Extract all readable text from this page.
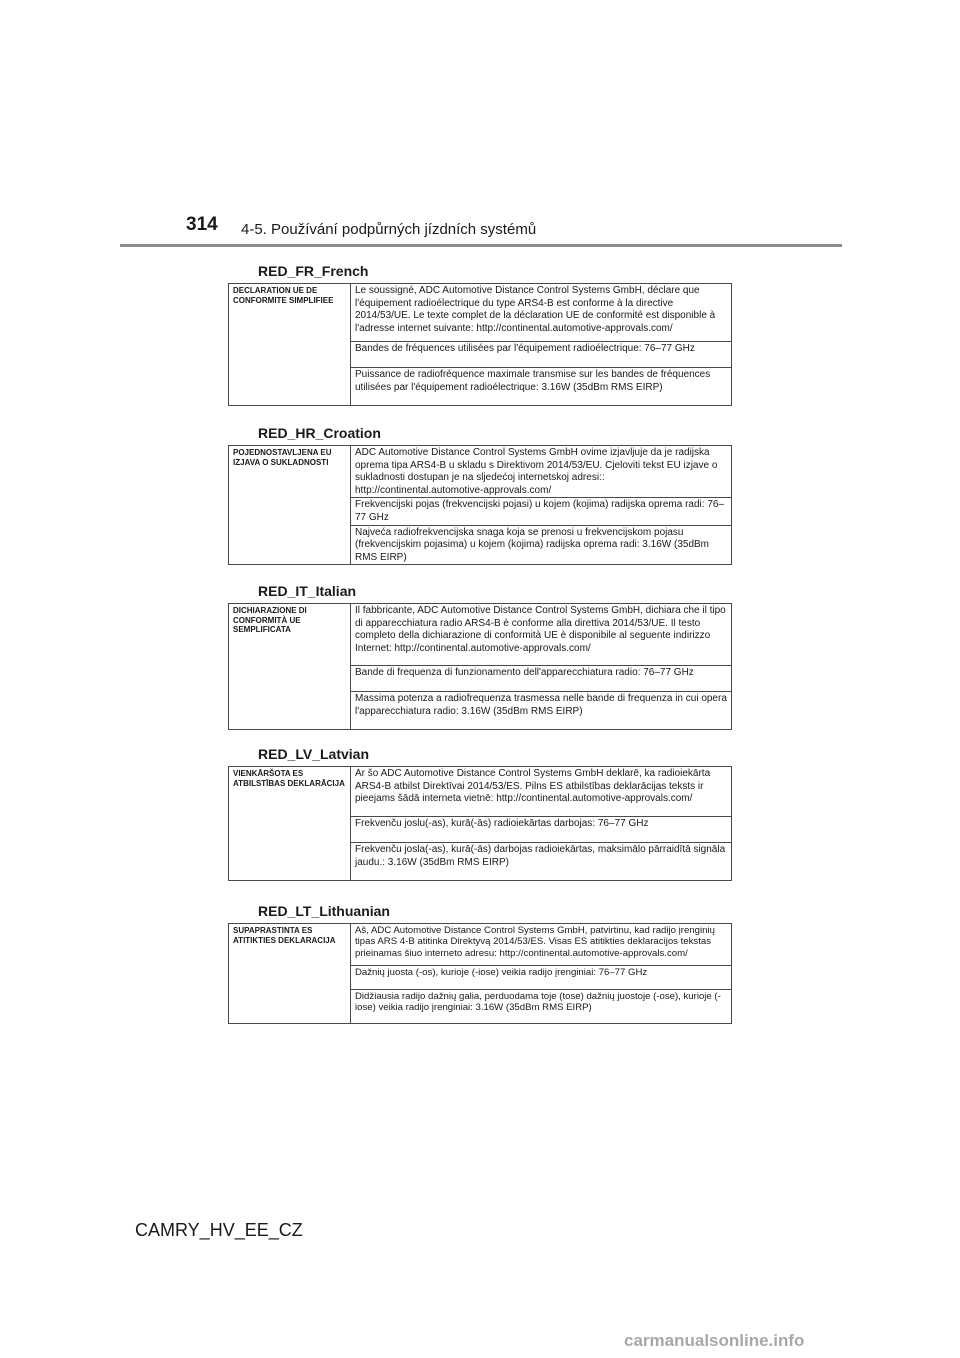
314 4-5. Používání podpůrných jízdních systémů
RED_FR_French
DECLARATION UE DE CONFORMITE SIMPLIFIEE	Le soussigné, ADC Automotive Distance Control Systems GmbH, déclare que l'équipement radioélectrique du type ARS4-B est conforme à la directive 2014/53/UE. Le texte complet de la déclaration UE de conformité est disponible à l'adresse internet suivante: http://continental.automotive-approvals.com/
Bandes de fréquences utilisées par l'équipement radioélectrique: 76–77 GHz
Puissance de radiofréquence maximale transmise sur les bandes de fréquences utilisées par l'équipement radioélectrique: 3.16W (35dBm RMS EIRP)
RED_HR_Croation
POJEDNOSTAVLJENA EU IZJAVA O SUKLADNOSTI	ADC Automotive Distance Control Systems GmbH ovime izjavljuje da je radijska oprema tipa ARS4-B u skladu s Direktivom 2014/53/EU. Cjeloviti tekst EU izjave o sukladnosti dostupan je na sljedećoj internetskoj adresi:: http://continental.automotive-approvals.com/
Frekvencijski pojas (frekvencijski pojasi) u kojem (kojima) radijska oprema radi: 76–77 GHz
Najveća radiofrekvencijska snaga koja se prenosi u frekvencijskom pojasu (frekvencijskim pojasima) u kojem (kojima) radijska oprema radi: 3.16W (35dBm RMS EIRP)
RED_IT_Italian
DICHIARAZIONE DI CONFORMITÀ UE SEMPLIFICATA	Il fabbricante, ADC Automotive Distance Control Systems GmbH, dichiara che il tipo di apparecchiatura radio ARS4-B è conforme alla direttiva 2014/53/UE. Il testo completo della dichiarazione di conformità UE è disponibile al seguente indirizzo Internet: http://continental.automotive-approvals.com/
Bande di frequenza di funzionamento dell'apparecchiatura radio: 76–77 GHz
Massima potenza a radiofrequenza trasmessa nelle bande di frequenza in cui opera l'apparecchiatura radio: 3.16W (35dBm RMS EIRP)
RED_LV_Latvian
VIENKĀRŠOTA ES ATBILSTĪBAS DEKLARĀCIJA	Ar šo ADC Automotive Distance Control Systems GmbH deklarē, ka radioiekārta ARS4-B atbilst Direktīvai 2014/53/ES. Pilns ES atbilstības deklarācijas teksts ir pieejams šādā interneta vietnē: http://continental.automotive-approvals.com/
Frekvenču joslu(-as), kurā(-ās) radioiekārtas darbojas: 76–77 GHz
Frekvenču josla(-as), kurā(-ās) darbojas radioiekārtas, maksimālo pārraidītā signāla jaudu.: 3.16W (35dBm RMS EIRP)
RED_LT_Lithuanian
SUPAPRASTINTA ES ATITIKTIES DEKLARACIJA	Aš, ADC Automotive Distance Control Systems GmbH, patvirtinu, kad radijo įrenginių tipas ARS 4-B atitinka Direktyvą 2014/53/ES. Visas ES atitikties deklaracijos tekstas prieinamas šiuo interneto adresu: http://continental.automotive-approvals.com/
Dažnių juosta (-os), kurioje (-iose) veikia radijo įrenginiai: 76–77 GHz
Didžiausia radijo dažnių galia, perduodama toje (tose) dažnių juostoje (-ose), kurioje (-iose) veikia radijo įrenginiai: 3.16W (35dBm RMS EIRP)
CAMRY_HV_EE_CZ
carmanualsonline.info
